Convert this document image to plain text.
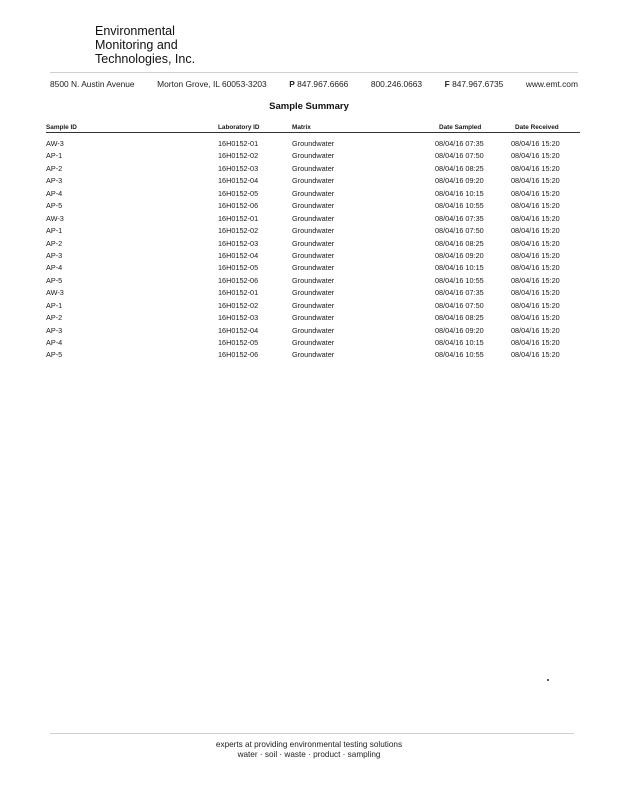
Environmental
Monitoring and
Technologies, Inc.
8500 N. Austin Avenue	Morton Grove, IL 60053-3203	P 847.967.6666	800.246.0663	F 847.967.6735	www.emt.com
Sample Summary
Sample ID	Laboratory ID	Matrix	Date Sampled	Date Received
AW-3	16H0152-01	Groundwater	08/04/16 07:35	08/04/16 15:20
AP-1	16H0152-02	Groundwater	08/04/16 07:50	08/04/16 15:20
AP-2	16H0152-03	Groundwater	08/04/16 08:25	08/04/16 15:20
AP-3	16H0152-04	Groundwater	08/04/16 09:20	08/04/16 15:20
AP-4	16H0152-05	Groundwater	08/04/16 10:15	08/04/16 15:20
AP-5	16H0152-06	Groundwater	08/04/16 10:55	08/04/16 15:20
AW-3	16H0152-01	Groundwater	08/04/16 07:35	08/04/16 15:20
AP-1	16H0152-02	Groundwater	08/04/16 07:50	08/04/16 15:20
AP-2	16H0152-03	Groundwater	08/04/16 08:25	08/04/16 15:20
AP-3	16H0152-04	Groundwater	08/04/16 09:20	08/04/16 15:20
AP-4	16H0152-05	Groundwater	08/04/16 10:15	08/04/16 15:20
AP-5	16H0152-06	Groundwater	08/04/16 10:55	08/04/16 15:20
AW-3	16H0152-01	Groundwater	08/04/16 07:35	08/04/16 15:20
AP-1	16H0152-02	Groundwater	08/04/16 07:50	08/04/16 15:20
AP-2	16H0152-03	Groundwater	08/04/16 08:25	08/04/16 15:20
AP-3	16H0152-04	Groundwater	08/04/16 09:20	08/04/16 15:20
AP-4	16H0152-05	Groundwater	08/04/16 10:15	08/04/16 15:20
AP-5	16H0152-06	Groundwater	08/04/16 10:55	08/04/16 15:20
experts at providing environmental testing solutions
water · soil · waste · product · sampling
